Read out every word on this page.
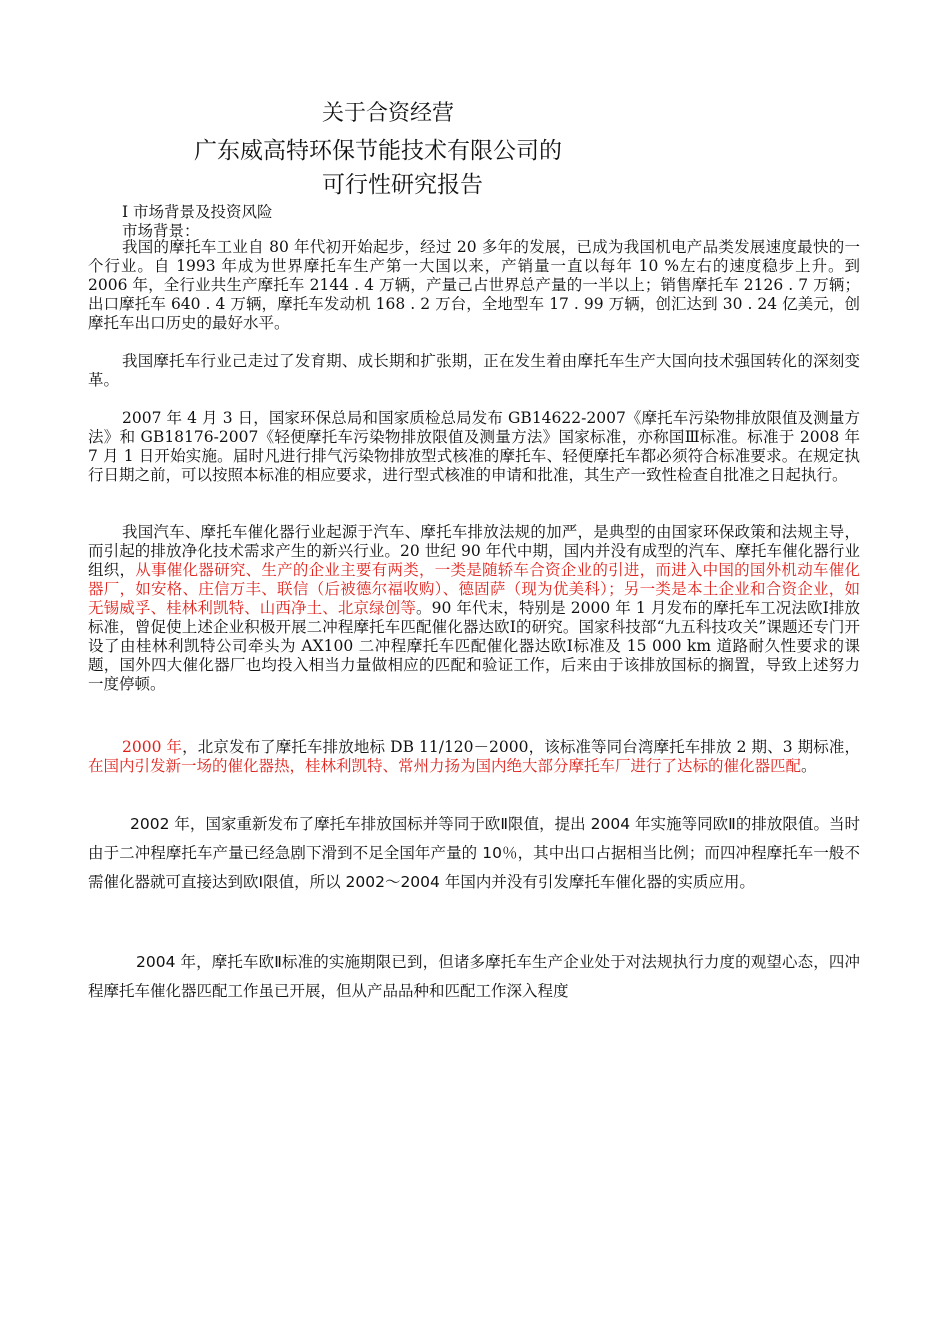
关于合资经营
广东威高特环保节能技术有限公司的
可行性研究报告
I 市场背景及投资风险
市场背景：

我国的摩托车工业自 80 年代初开始起步，经过 20 多年的发展，已成为我国机电产品类发展速度最快的一个行业。自 1993 年成为世界摩托车生产第一大国以来，产销量一直以每年 10 %左右的速度稳步上升。到 2006 年，全行业共生产摩托车 2144 . 4 万辆，产量己占世界总产量的一半以上；销售摩托车 2126 . 7 万辆；出口摩托车 640 . 4 万辆，摩托车发动机 168 . 2 万台，全地型车 17 . 99 万辆，创汇达到 30 . 24 亿美元，创摩托车出口历史的最好水平。

我国摩托车行业己走过了发育期、成长期和扩张期，正在发生着由摩托车生产大国向技术强国转化的深刻变革。

2007 年 4 月 3 日，国家环保总局和国家质检总局发布 GB14622-2007《摩托车污染物排放限值及测量方法》和 GB18176-2007《轻便摩托车污染物排放限值及测量方法》国家标准，亦称国Ⅲ标准。标准于 2008 年 7 月 1 日开始实施。届时凡进行排气污染物排放型式核准的摩托车、轻便摩托车都必须符合标准要求。在规定执行日期之前，可以按照本标准的相应要求，进行型式核准的申请和批准，其生产一致性检查自批准之日起执行。

我国汽车、摩托车催化器行业起源于汽车、摩托车排放法规的加严，是典型的由国家环保政策和法规主导，而引起的排放净化技术需求产生的新兴行业。20 世纪 90 年代中期，国内并没有成型的汽车、摩托车催化器行业组织，从事催化器研究、生产的企业主要有两类，一类是随轿车合资企业的引进，而进入中国的国外机动车催化器厂，如安格、庄信万丰、联信（后被德尔福收购）、德固萨（现为优美科）；另一类是本土企业和合资企业，如无锡威孚、桂林利凯特、山西净土、北京绿创等。90 年代末，特别是 2000 年 1 月发布的摩托车工况法欧Ⅰ排放标准，曾促使上述企业积极开展二冲程摩托车匹配催化器达欧Ⅰ的研究。国家科技部“九五科技攻关”课题还专门开设了由桂林利凯特公司牵头为 AX100 二冲程摩托车匹配催化器达欧Ⅰ标准及 15 000 km 道路耐久性要求的课题，国外四大催化器厂也均投入相当力量做相应的匹配和验证工作，后来由于该排放国标的搁置，导致上述努力一度停顿。

2000 年，北京发布了摩托车排放地标 DB 11/120－2000，该标准等同台湾摩托车排放 2 期、3 期标准，在国内引发新一场的催化器热，桂林利凯特、常州力扬为国内绝大部分摩托车厂进行了达标的催化器匹配。

2002 年，国家重新发布了摩托车排放国标并等同于欧Ⅱ限值，提出 2004 年实施等同欧Ⅱ的排放限值。当时由于二冲程摩托车产量已经急剧下滑到不足全国年产量的 10％，其中出口占据相当比例；而四冲程摩托车一般不需催化器就可直接达到欧Ⅰ限值，所以 2002～2004 年国内并没有引发摩托车催化器的实质应用。

2004 年，摩托车欧Ⅱ标准的实施期限已到，但诸多摩托车生产企业处于对法规执行力度的观望心态，四冲程摩托车催化器匹配工作虽已开展，但从产品品种和匹配工作深入程度
